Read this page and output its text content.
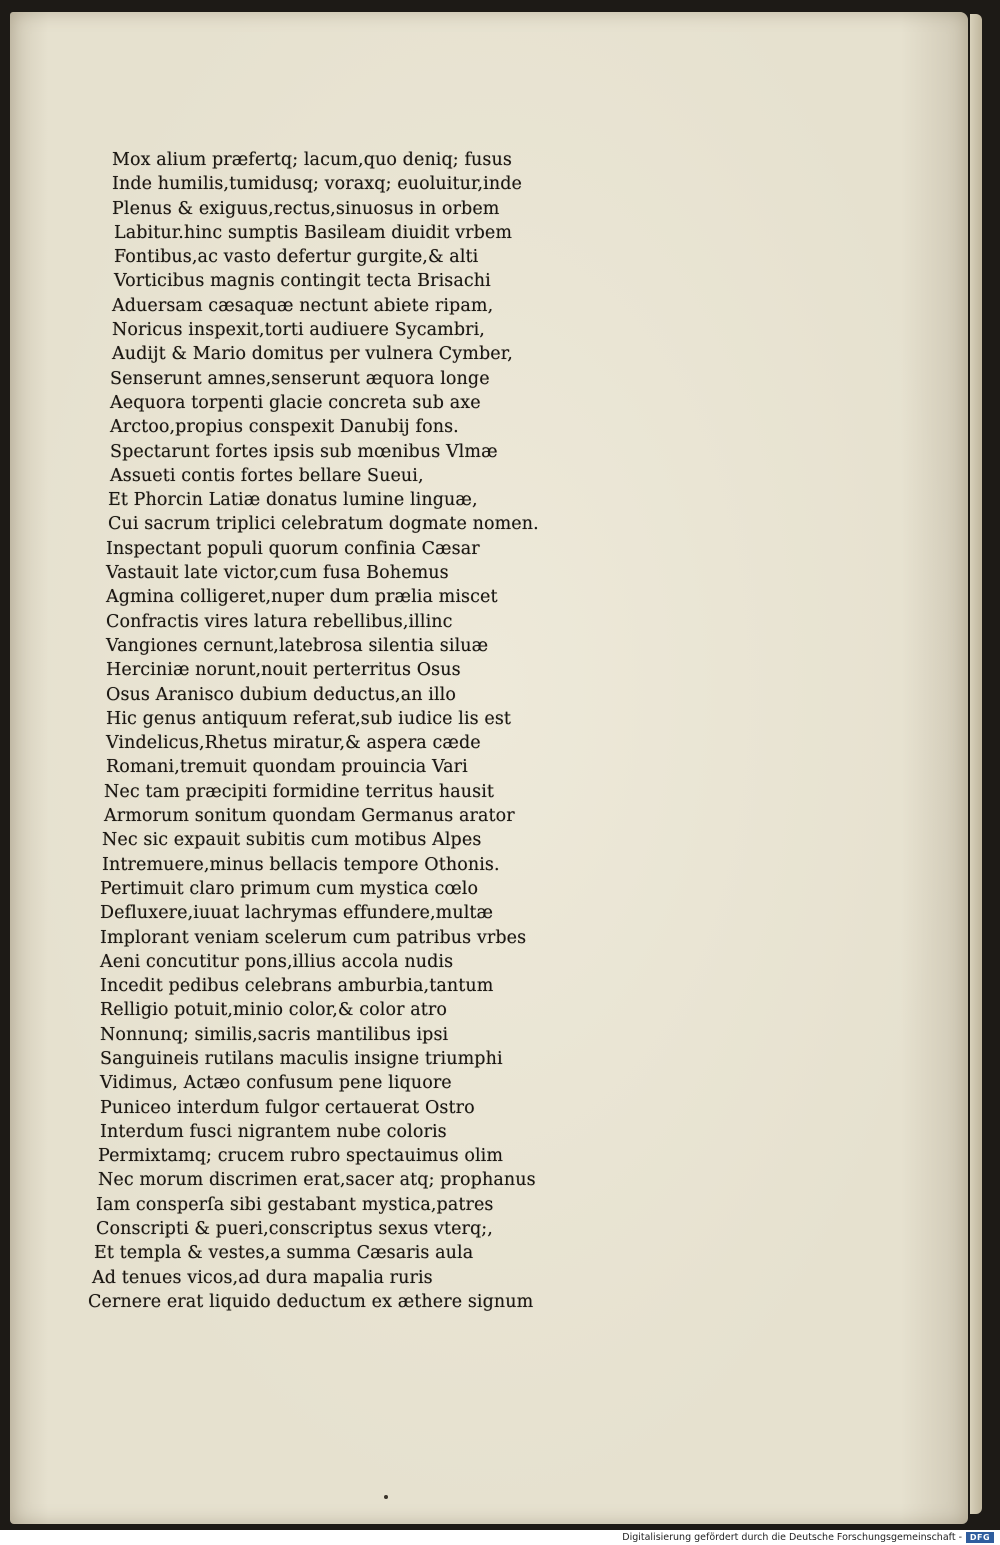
Mox alium præfertq; lacum,quo deniq; fusus
Inde humilis,tumidusq; voraxq; euoluitur,inde
Plenus & exiguus,rectus,sinuosus in orbem
Labitur.hinc sumptis Basileam diuidit vrbem
Fontibus,ac vasto defertur gurgite,& alti
Vorticibus magnis contingit tecta Brisachi
Aduersam cæsaquæ nectunt abiete ripam,
Noricus inspexit,torti audiuere Sycambri,
Audijt & Mario domitus per vulnera Cymber,
Senserunt amnes,senserunt æquora longe
Aequora torpenti glacie concreta sub axe
Arctoo,propius conspexit Danubij fons.
Spectarunt fortes ipsis sub mœnibus Vlmæ
Assueti contis fortes bellare Sueui,
Et Phorcin Latiæ donatus lumine linguæ,
Cui sacrum triplici celebratum dogmate nomen.
Inspectant populi quorum confinia Cæsar
Vastauit late victor,cum fusa Bohemus
Agmina colligeret,nuper dum prælia miscet
Confractis vires latura rebellibus,illinc
Vangiones cernunt,latebrosa silentia siluæ
Herciniæ norunt,nouit perterritus Osus
Osus Aranisco dubium deductus,an illo
Hic genus antiquum referat,sub iudice lis est
Vindelicus,Rhetus miratur,& aspera cæde
Romani,tremuit quondam prouincia Vari
Nec tam præcipiti formidine territus hausit
Armorum sonitum quondam Germanus arator
Nec sic expauit subitis cum motibus Alpes
Intremuere,minus bellacis tempore Othonis.
Pertimuit claro primum cum mystica cœlo
Defluxere,iuuat lachrymas effundere,multæ
Implorant veniam scelerum cum patribus vrbes
Aeni concutitur pons,illius accola nudis
Incedit pedibus celebrans amburbia,tantum
Relligio potuit,minio color,& color atro
Nonnunq; similis,sacris mantilibus ipsi
Sanguineis rutilans maculis insigne triumphi
Vidimus, Actæo confusum pene liquore
Puniceo interdum fulgor certauerat Ostro
Interdum fusci nigrantem nube coloris
Permixtamq; crucem rubro spectauimus olim
Nec morum discrimen erat,sacer atq; prophanus
Iam consperſa sibi gestabant mystica,patres
Conscripti & pueri,conscriptus sexus vterq;,
Et templa & vestes,a summa Cæsaris aula
Ad tenues vicos,ad dura mapalia ruris
Cernere erat liquido deductum ex æthere signum
Digitalisierung gefördert durch die Deutsche Forschungsgemeinschaft - DFG
